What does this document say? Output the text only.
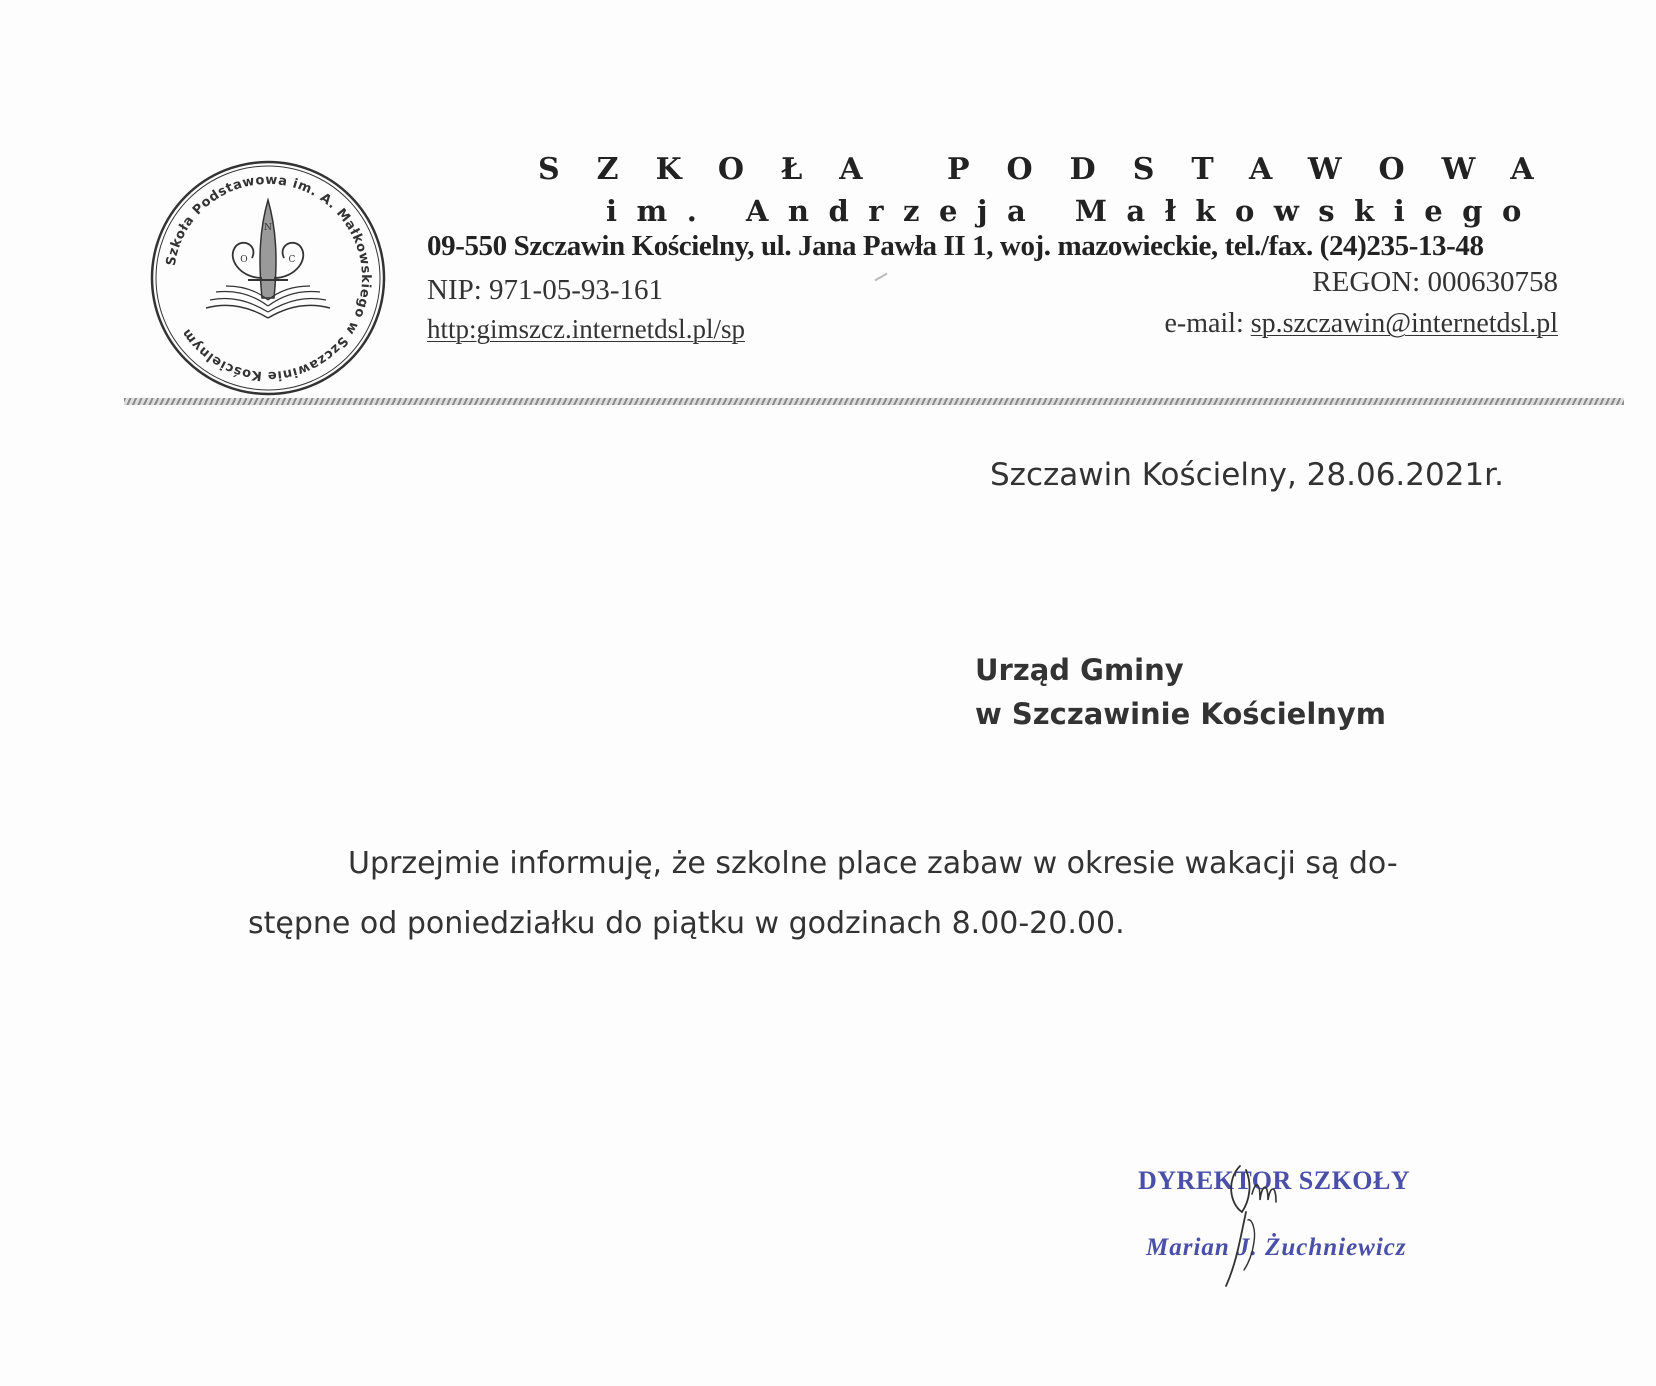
Szkoła Podstawowa im. A. Małkowskiego w Szczawinie Kościelnym
O
N
C
SZKOŁA PODSTAWOWA
im. Andrzeja Małkowskiego
09-550 Szczawin Kościelny, ul. Jana Pawła II 1, woj. mazowieckie, tel./fax. (24)235-13-48
NIP: 971-05-93-161	REGON: 000630758
http:gimszcz.internetdsl.pl/sp	e-mail: sp.szczawin@internetdsl.pl
Szczawin Kościelny, 28.06.2021r.
Urząd Gminy
w Szczawinie Kościelnym
Uprzejmie informuję, że szkolne place zabaw w okresie wakacji są do-
stępne od poniedziałku do piątku w godzinach 8.00-20.00.
DYREKTOR SZKOŁY
Marian J. Żuchniewicz
